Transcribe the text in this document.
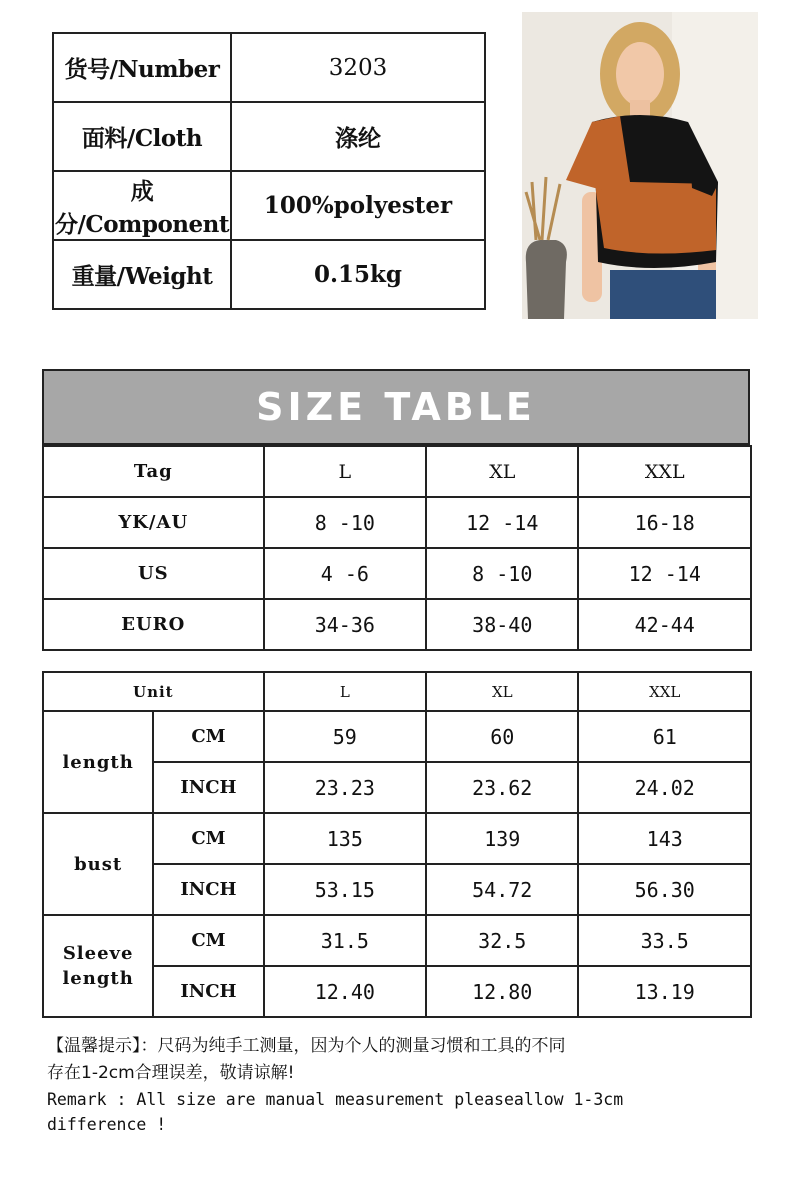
货号/Number	3203
面料/Cloth	涤纶
成分/Component	100%polyester
重量/Weight	0.15kg
SIZE TABLE
Tag	L	XL	XXL
YK/AU	8 -10	12 -14	16-18
US	4 -6	8 -10	12 -14
EURO	34-36	38-40	42-44
Unit		L	XL	XXL
length	CM	59	60	61
	INCH	23.23	23.62	24.02
bust	CM	135	139	143
	INCH	53.15	54.72	56.30
Sleeve
length	CM	31.5	32.5	33.5
	INCH	12.40	12.80	13.19
【温馨提示】：尺码为纯手工测量，因为个人的测量习惯和工具的不同
存在1-2cm合理误差，敬请谅解!
Remark : All size are manual measurement pleaseallow 1-3cm
difference !
